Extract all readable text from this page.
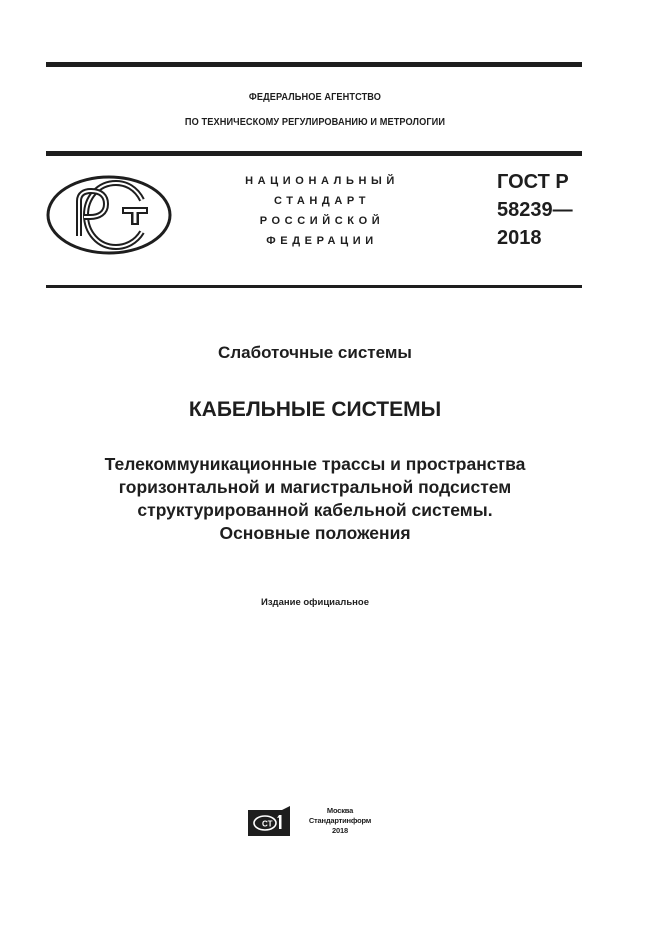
ФЕДЕРАЛЬНОЕ АГЕНТСТВО
ПО ТЕХНИЧЕСКОМУ РЕГУЛИРОВАНИЮ И МЕТРОЛОГИИ
НАЦИОНАЛЬНЫЙ
СТАНДАРТ
РОССИЙСКОЙ
ФЕДЕРАЦИИ
ГОСТ Р
58239—
2018
Слаботочные системы
КАБЕЛЬНЫЕ СИСТЕМЫ
Телекоммуникационные трассы и пространства
горизонтальной и магистральной подсистем
структурированной кабельной системы.
Основные положения
Издание официальное
СТ
Москва
Стандартинформ
2018
